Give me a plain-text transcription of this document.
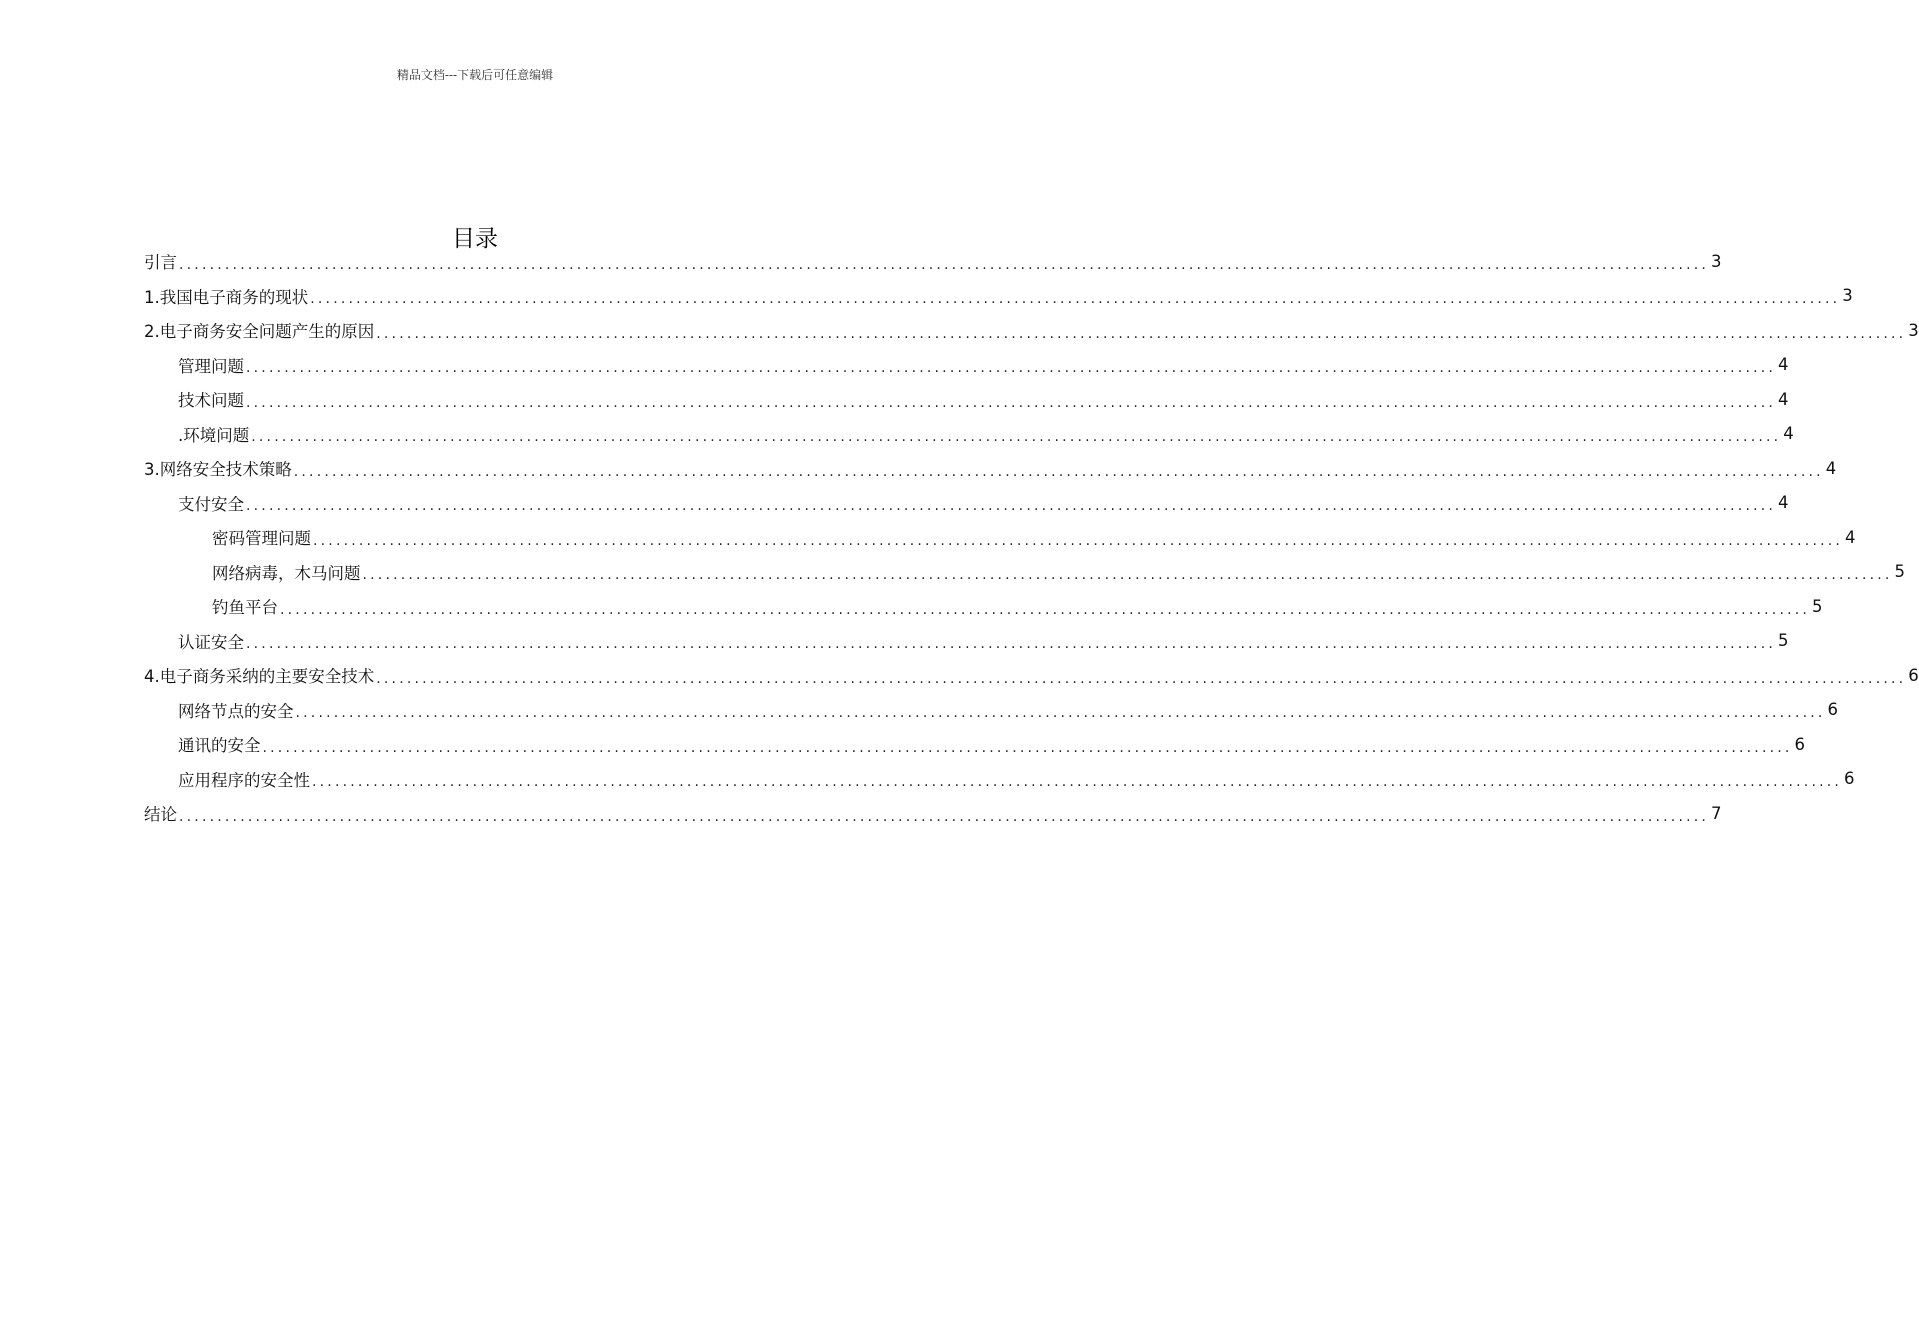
精品文档---下载后可任意编辑
目录
引言 ........................................................................................................................................................................................................ 3
1.我国电子商务的现状 ........................................................................................................................................................................................................ 3
2.电子商务安全问题产生的原因 ........................................................................................................................................................................................................ 3
管理问题 ........................................................................................................................................................................................................ 4
技术问题 ........................................................................................................................................................................................................ 4
.环境问题 ........................................................................................................................................................................................................ 4
3.网络安全技术策略 ........................................................................................................................................................................................................ 4
支付安全 ........................................................................................................................................................................................................ 4
密码管理问题 ........................................................................................................................................................................................................ 4
网络病毒，木马问题 ........................................................................................................................................................................................................ 5
钓鱼平台 ........................................................................................................................................................................................................ 5
认证安全 ........................................................................................................................................................................................................ 5
4.电子商务采纳的主要安全技术 ........................................................................................................................................................................................................ 6
网络节点的安全 ........................................................................................................................................................................................................ 6
通讯的安全 ........................................................................................................................................................................................................ 6
应用程序的安全性 ........................................................................................................................................................................................................ 6
结论 ........................................................................................................................................................................................................ 7
